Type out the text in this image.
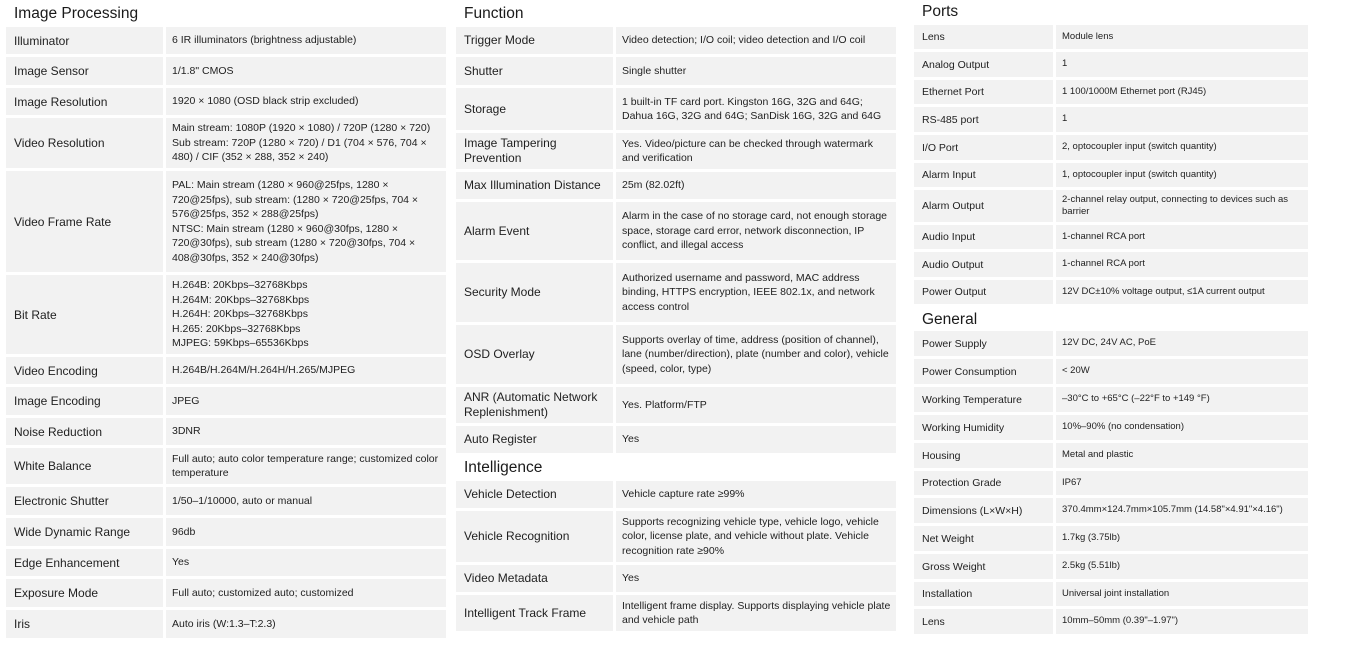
Image Processing
Illuminator	6 IR illuminators (brightness adjustable)
Image Sensor	1/1.8" CMOS
Image Resolution	1920 × 1080 (OSD black strip excluded)
Video Resolution	Main stream: 1080P (1920 × 1080) / 720P (1280 × 720)
Sub stream: 720P (1280 × 720) / D1 (704 × 576, 704 × 480) / CIF (352 × 288, 352 × 240)
Video Frame Rate	PAL: Main stream (1280 × 960@25fps, 1280 × 720@25fps), sub stream: (1280 × 720@25fps, 704 × 576@25fps, 352 × 288@25fps)
NTSC: Main stream (1280 × 960@30fps, 1280 × 720@30fps), sub stream (1280 × 720@30fps, 704 × 408@30fps, 352 × 240@30fps)
Bit Rate	H.264B: 20Kbps–32768Kbps
H.264M: 20Kbps–32768Kbps
H.264H: 20Kbps–32768Kbps
H.265: 20Kbps–32768Kbps
MJPEG: 59Kbps–65536Kbps
Video Encoding	H.264B/H.264M/H.264H/H.265/MJPEG
Image Encoding	JPEG
Noise Reduction	3DNR
White Balance	Full auto; auto color temperature range; customized color temperature
Electronic Shutter	1/50–1/10000, auto or manual
Wide Dynamic Range	96db
Edge Enhancement	Yes
Exposure Mode	Full auto; customized auto; customized
Iris	Auto iris (W:1.3–T:2.3)
Function
Trigger Mode	Video detection; I/O coil; video detection and I/O coil
Shutter	Single shutter
Storage	1 built-in TF card port. Kingston 16G, 32G and 64G; Dahua 16G, 32G and 64G; SanDisk 16G, 32G and 64G
Image Tampering Prevention	Yes. Video/picture can be checked through watermark and verification
Max Illumination Distance	25m (82.02ft)
Alarm Event	Alarm in the case of no storage card, not enough storage space, storage card error, network disconnection, IP conflict, and illegal access
Security Mode	Authorized username and password, MAC address binding, HTTPS encryption, IEEE 802.1x, and network access control
OSD Overlay	Supports overlay of time, address (position of channel), lane (number/direction), plate (number and color), vehicle (speed, color, type)
ANR (Automatic Network Replenishment)	Yes. Platform/FTP
Auto Register	Yes
Intelligence
Vehicle Detection	Vehicle capture rate ≥99%
Vehicle Recognition	Supports recognizing vehicle type, vehicle logo, vehicle color, license plate, and vehicle without plate. Vehicle recognition rate ≥90%
Video Metadata	Yes
Intelligent Track Frame	Intelligent frame display. Supports displaying vehicle plate and vehicle path
Ports
Lens	Module lens
Analog Output	1
Ethernet Port	1 100/1000M Ethernet port (RJ45)
RS-485 port	1
I/O Port	2, optocoupler input (switch quantity)
Alarm Input	1, optocoupler input (switch quantity)
Alarm Output	2-channel relay output, connecting to devices such as barrier
Audio Input	1-channel RCA port
Audio Output	1-channel RCA port
Power Output	12V DC±10% voltage output, ≤1A current output
General
Power Supply	12V DC, 24V AC, PoE
Power Consumption	< 20W
Working Temperature	–30°C to +65°C (–22°F to +149 °F)
Working Humidity	10%–90% (no condensation)
Housing	Metal and plastic
Protection Grade	IP67
Dimensions (L×W×H)	370.4mm×124.7mm×105.7mm (14.58"×4.91"×4.16")
Net Weight	1.7kg (3.75lb)
Gross Weight	2.5kg (5.51lb)
Installation	Universal joint installation
Lens	10mm–50mm (0.39"–1.97")
